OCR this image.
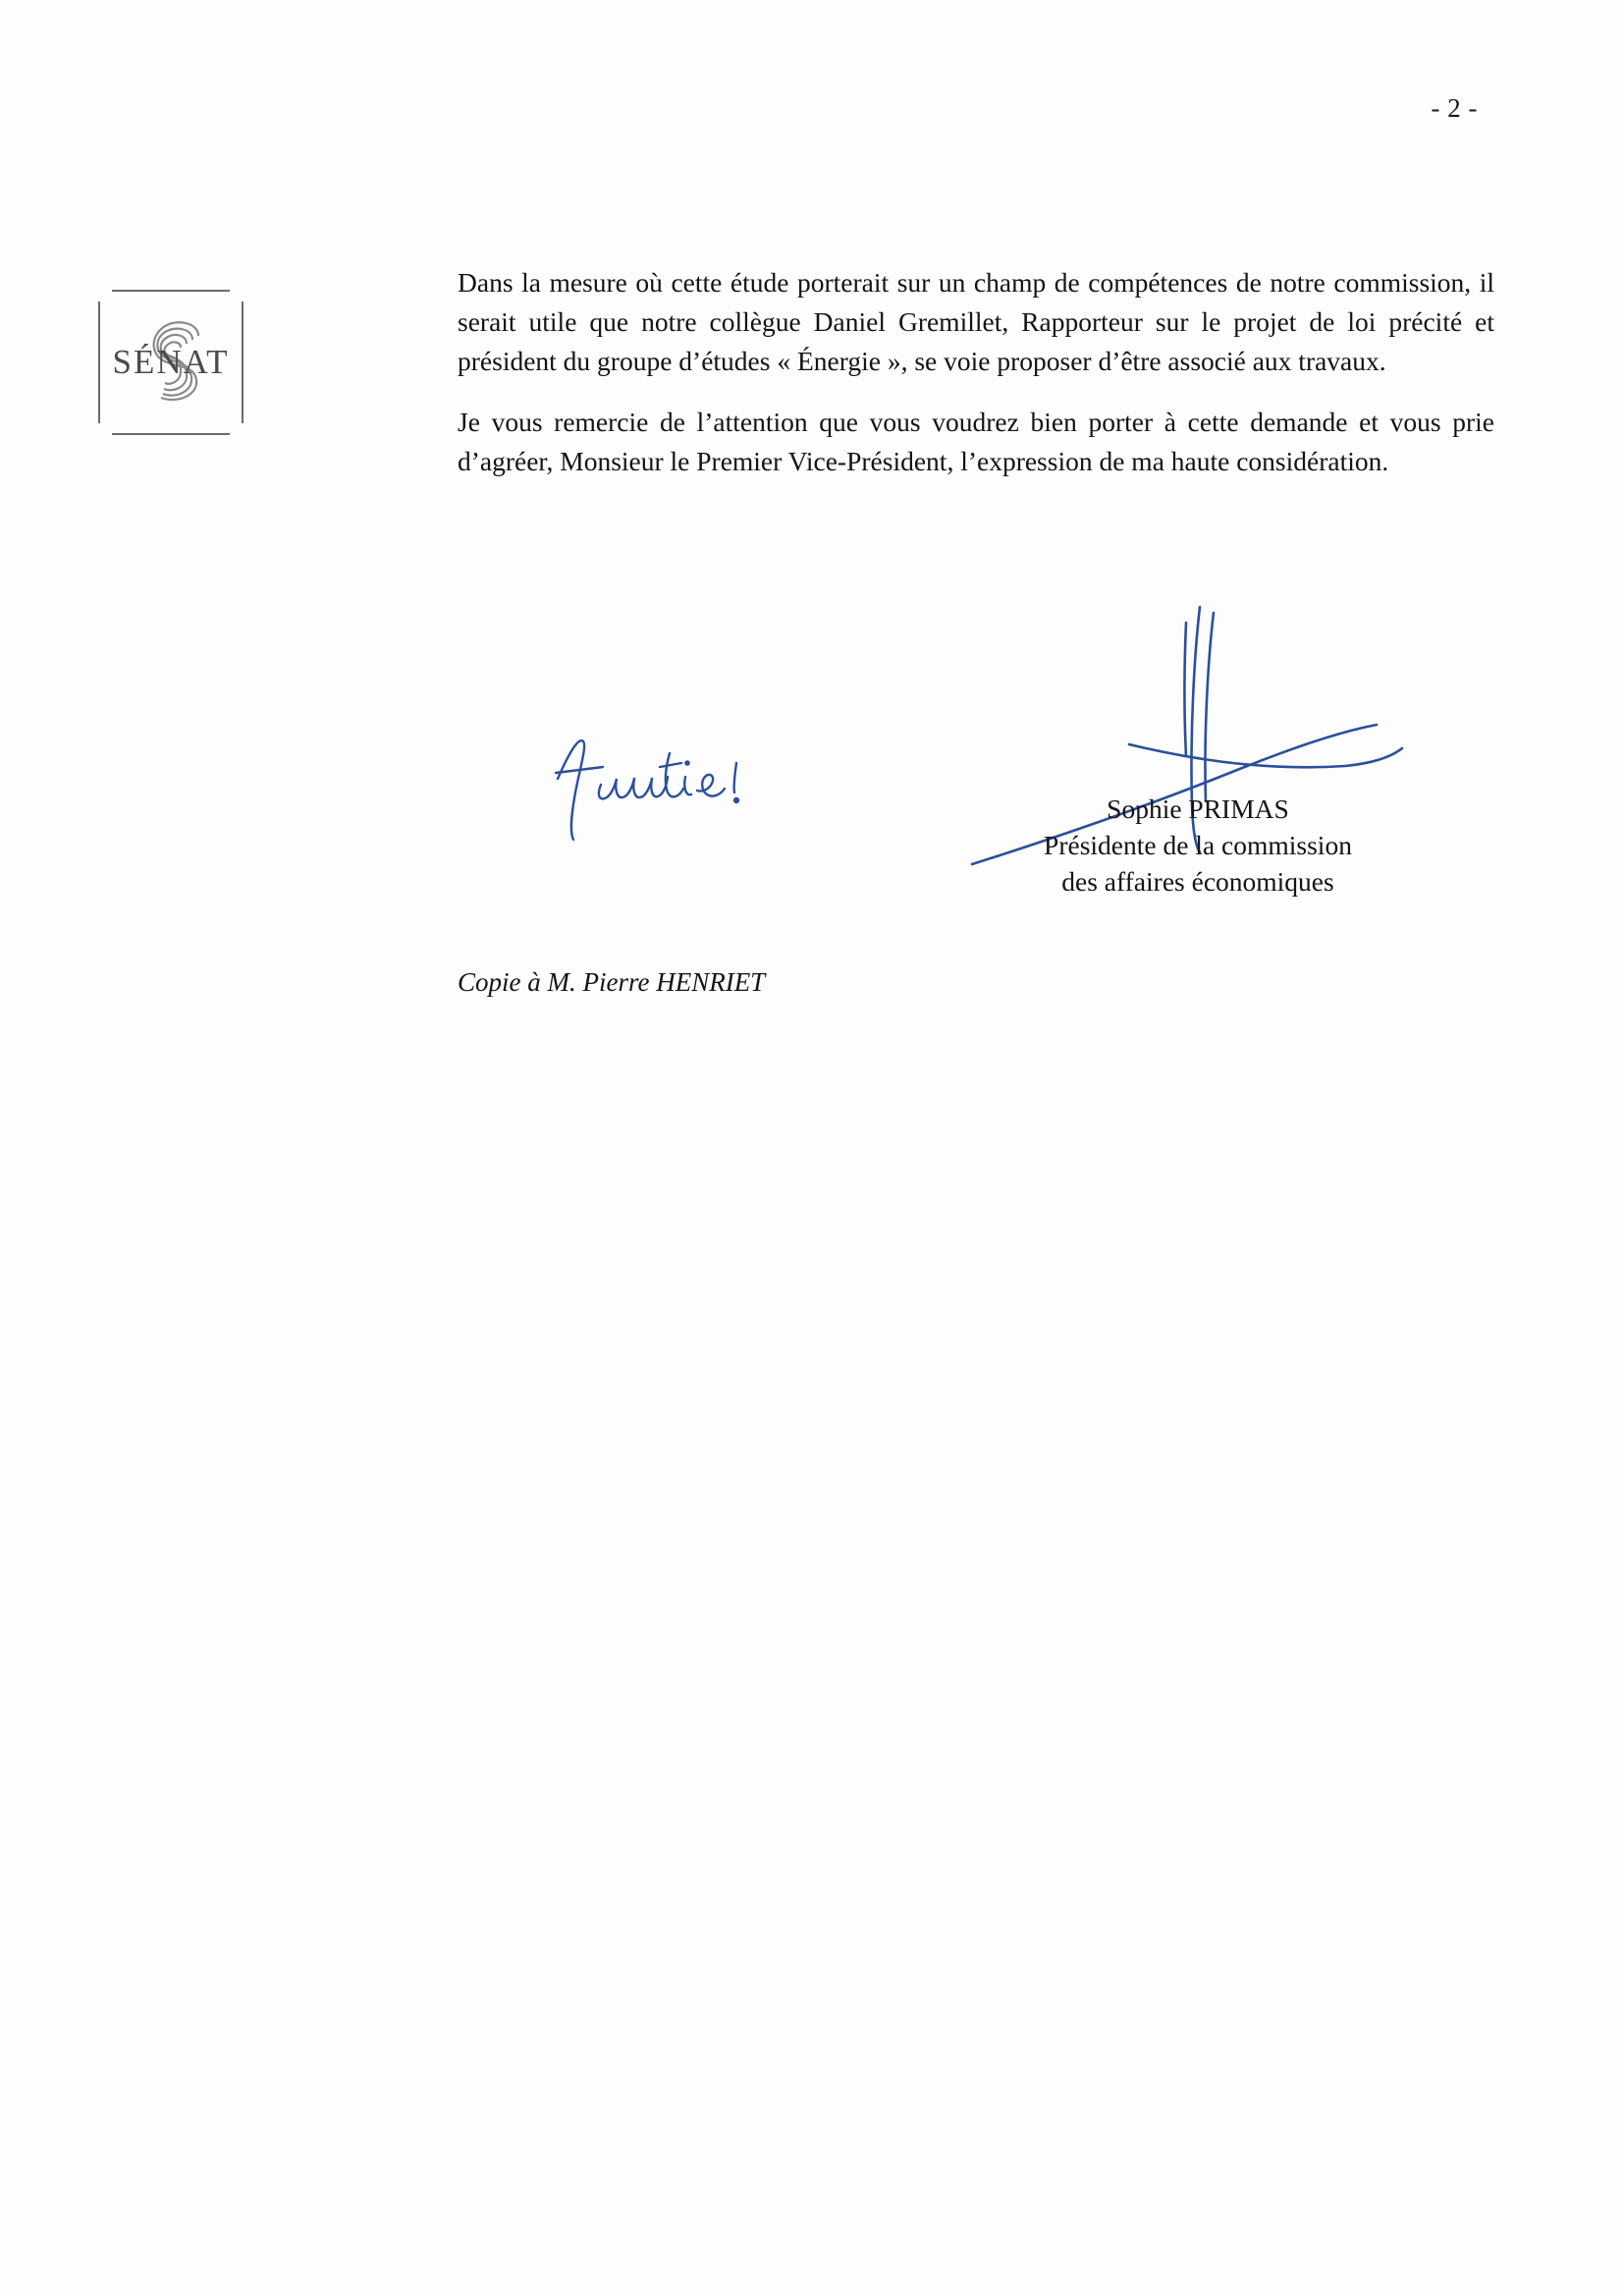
- 2 -
SÉNAT

Dans la mesure où cette étude porterait sur un champ de compétences de notre commission, il serait utile que notre collègue Daniel Gremillet, Rapporteur sur le projet de loi précité et président du groupe d’études « Énergie », se voie proposer d’être associé aux travaux.

Je vous remercie de l’attention que vous voudrez bien porter à cette demande et vous prie d’agréer, Monsieur le Premier Vice-Président, l’expression de ma haute considération.

Sophie PRIMAS
Présidente de la commission
des affaires économiques
Copie à M. Pierre HENRIET
